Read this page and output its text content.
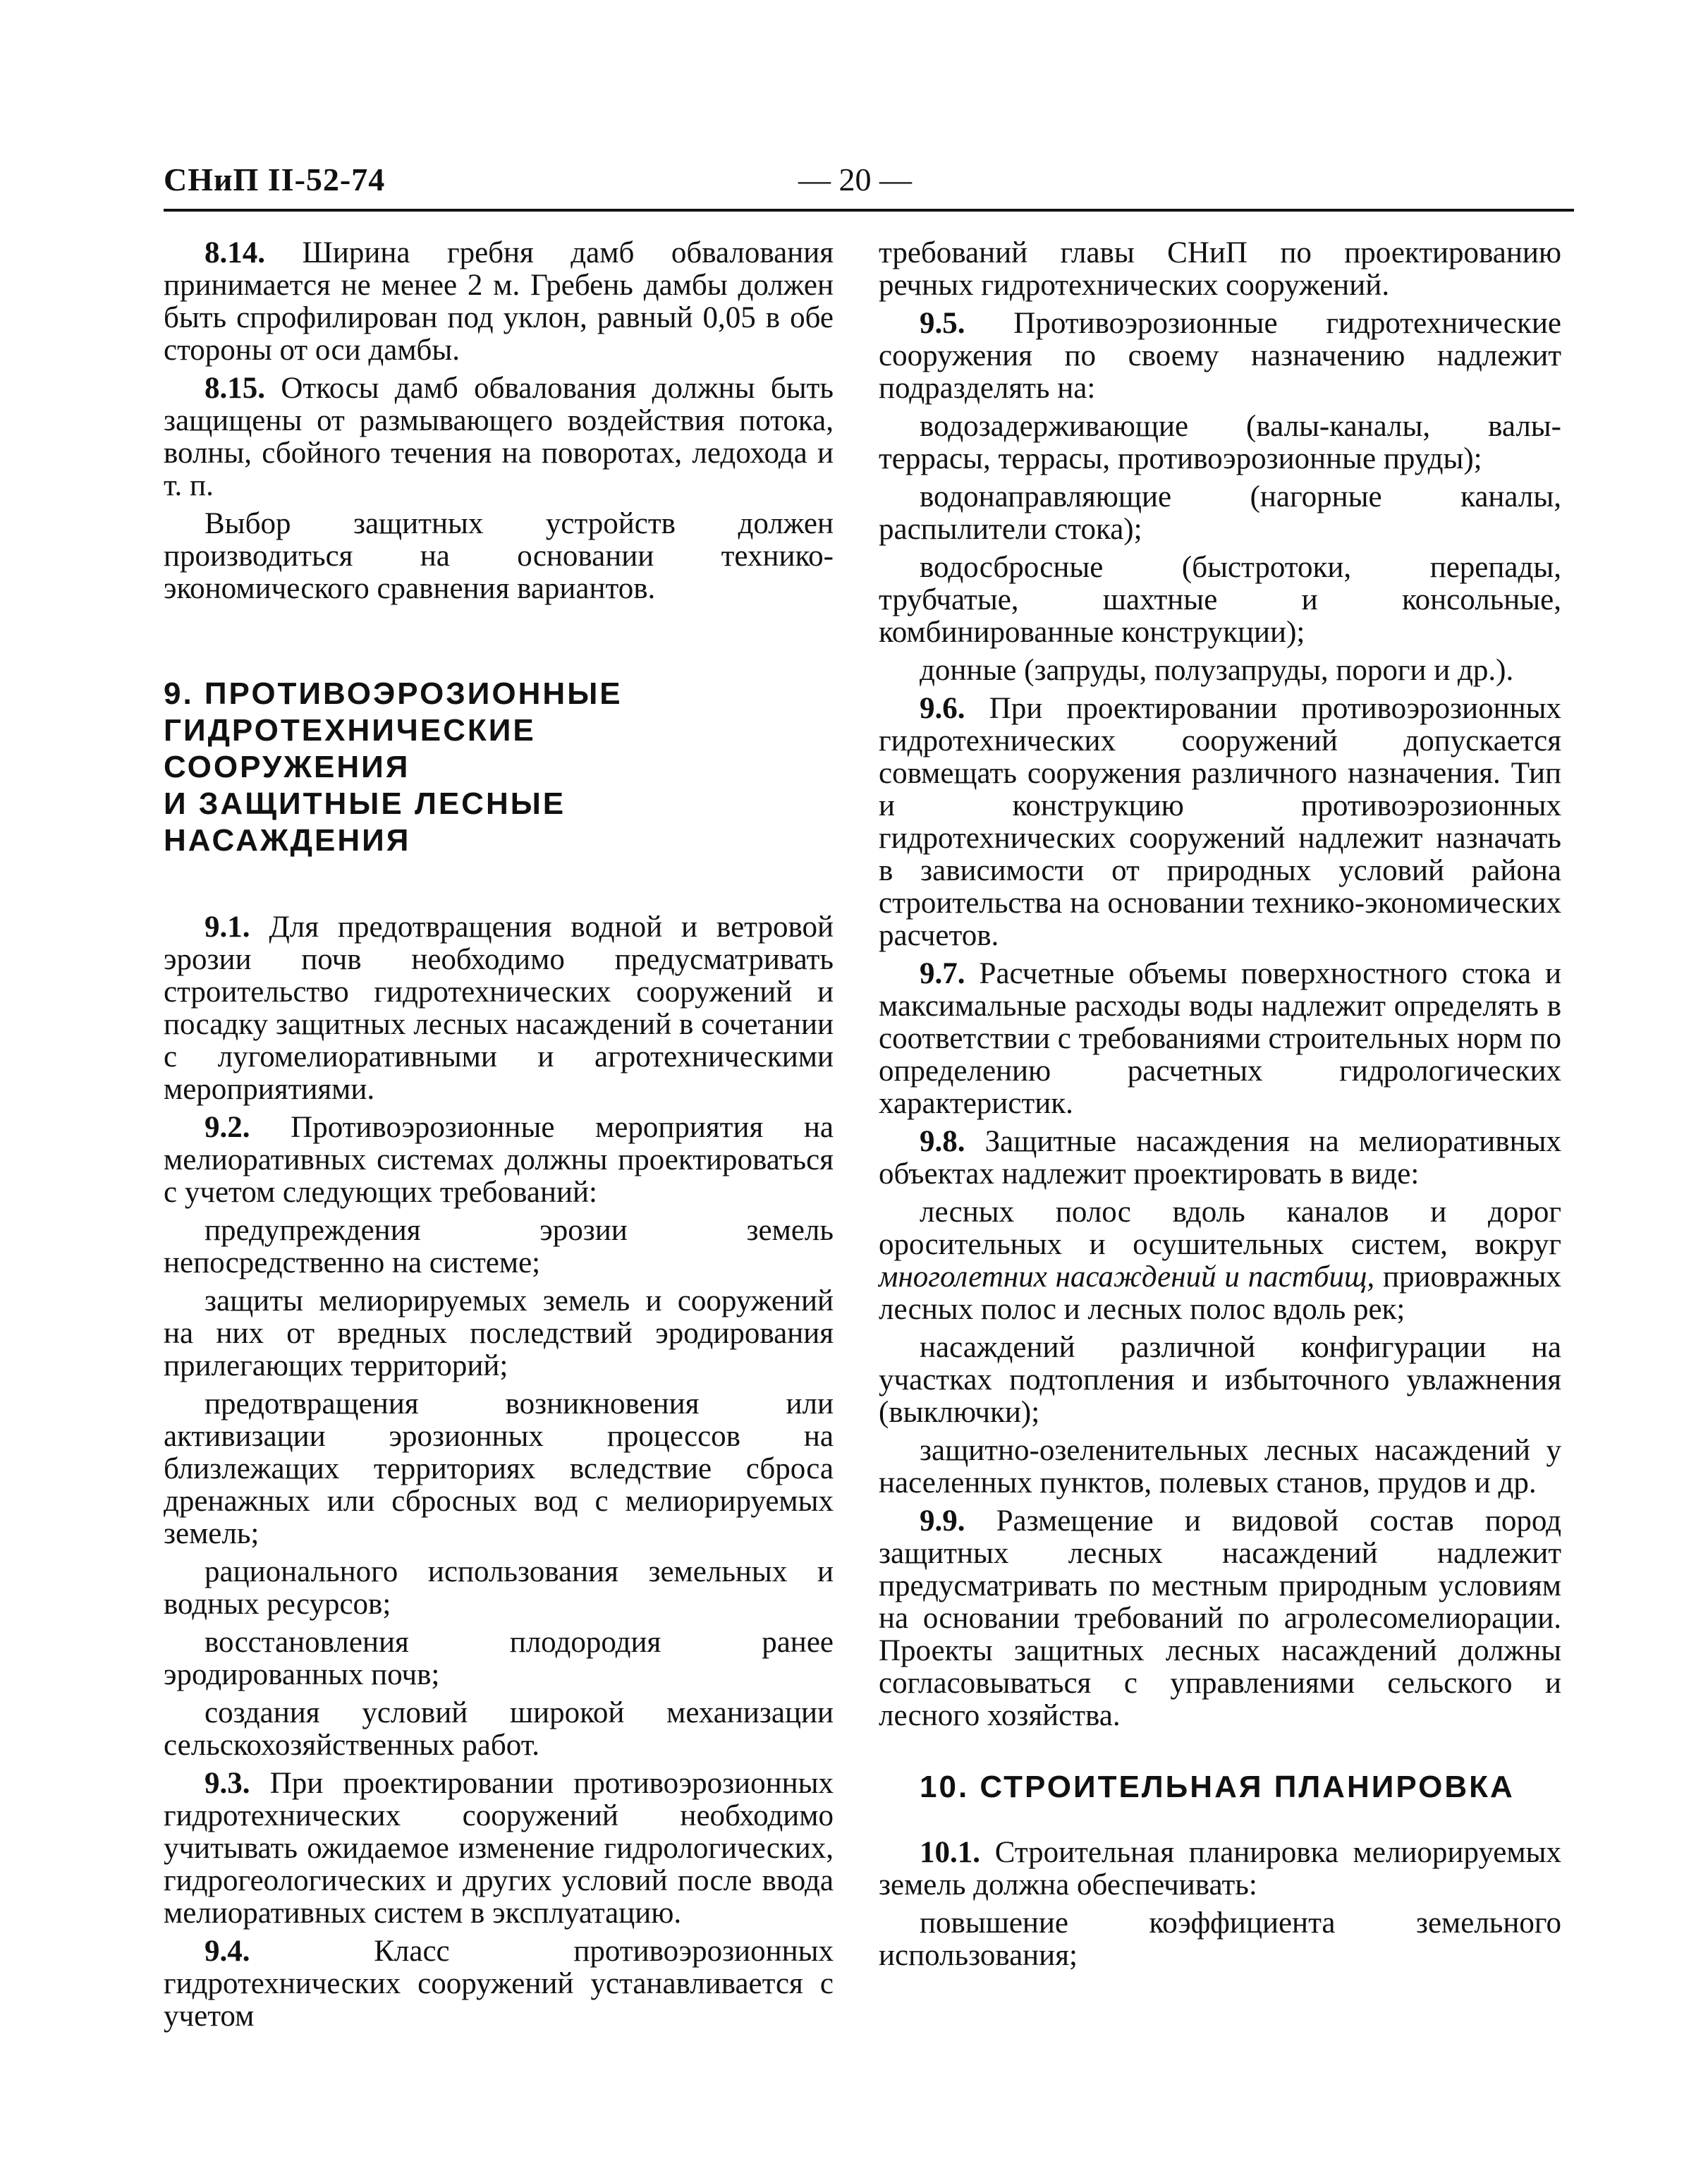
СНиП II-52-74	— 20 —

8.14. Ширина гребня дамб обвалования принимается не менее 2 м. Гребень дамбы должен быть спрофилирован под уклон, равный 0,05 в обе стороны от оси дамбы.

8.15. Откосы дамб обвалования должны быть защищены от размывающего воздействия потока, волны, сбойного течения на поворотах, ледохода и т. п.

Выбор защитных устройств должен производиться на основании технико-экономического сравнения вариантов.

9. ПРОТИВОЭРОЗИОННЫЕ
ГИДРОТЕХНИЧЕСКИЕ
СООРУЖЕНИЯ
И ЗАЩИТНЫЕ ЛЕСНЫЕ
НАСАЖДЕНИЯ

9.1. Для предотвращения водной и ветровой эрозии почв необходимо предусматривать строительство гидротехнических сооружений и посадку защитных лесных насаждений в сочетании с лугомелиоративными и агротехническими мероприятиями.

9.2. Противоэрозионные мероприятия на мелиоративных системах должны проектироваться с учетом следующих требований:

предупреждения эрозии земель непосредственно на системе;

защиты мелиорируемых земель и сооружений на них от вредных последствий эродирования прилегающих территорий;

предотвращения возникновения или активизации эрозионных процессов на близлежащих территориях вследствие сброса дренажных или сбросных вод с мелиорируемых земель;

рационального использования земельных и водных ресурсов;

восстановления плодородия ранее эродированных почв;

создания условий широкой механизации сельскохозяйственных работ.

9.3. При проектировании противоэрозионных гидротехнических сооружений необходимо учитывать ожидаемое изменение гидрологических, гидрогеологических и других условий после ввода мелиоративных систем в эксплуатацию.

9.4. Класс противоэрозионных гидротехнических сооружений устанавливается с учетом

требований главы СНиП по проектированию речных гидротехнических сооружений.

9.5. Противоэрозионные гидротехнические сооружения по своему назначению надлежит подразделять на:

водозадерживающие (валы-каналы, валы-террасы, террасы, противоэрозионные пруды);

водонаправляющие (нагорные каналы, распылители стока);

водосбросные (быстротоки, перепады, трубчатые, шахтные и консольные, комбинированные конструкции);

донные (запруды, полузапруды, пороги и др.).

9.6. При проектировании противоэрозионных гидротехнических сооружений допускается совмещать сооружения различного назначения. Тип и конструкцию противоэрозионных гидротехнических сооружений надлежит назначать в зависимости от природных условий района строительства на основании технико-экономических расчетов.

9.7. Расчетные объемы поверхностного стока и максимальные расходы воды надлежит определять в соответствии с требованиями строительных норм по определению расчетных гидрологических характеристик.

9.8. Защитные насаждения на мелиоративных объектах надлежит проектировать в виде:

лесных полос вдоль каналов и дорог оросительных и осушительных систем, вокруг многолетних насаждений и пастбищ, приовражных лесных полос и лесных полос вдоль рек;

насаждений различной конфигурации на участках подтопления и избыточного увлажнения (выключки);

защитно-озеленительных лесных насаждений у населенных пунктов, полевых станов, прудов и др.

9.9. Размещение и видовой состав пород защитных лесных насаждений надлежит предусматривать по местным природным условиям на основании требований по агролесомелиорации. Проекты защитных лесных насаждений должны согласовываться с управлениями сельского и лесного хозяйства.

10. СТРОИТЕЛЬНАЯ ПЛАНИРОВКА

10.1. Строительная планировка мелиорируемых земель должна обеспечивать:

повышение коэффициента земельного использования;
